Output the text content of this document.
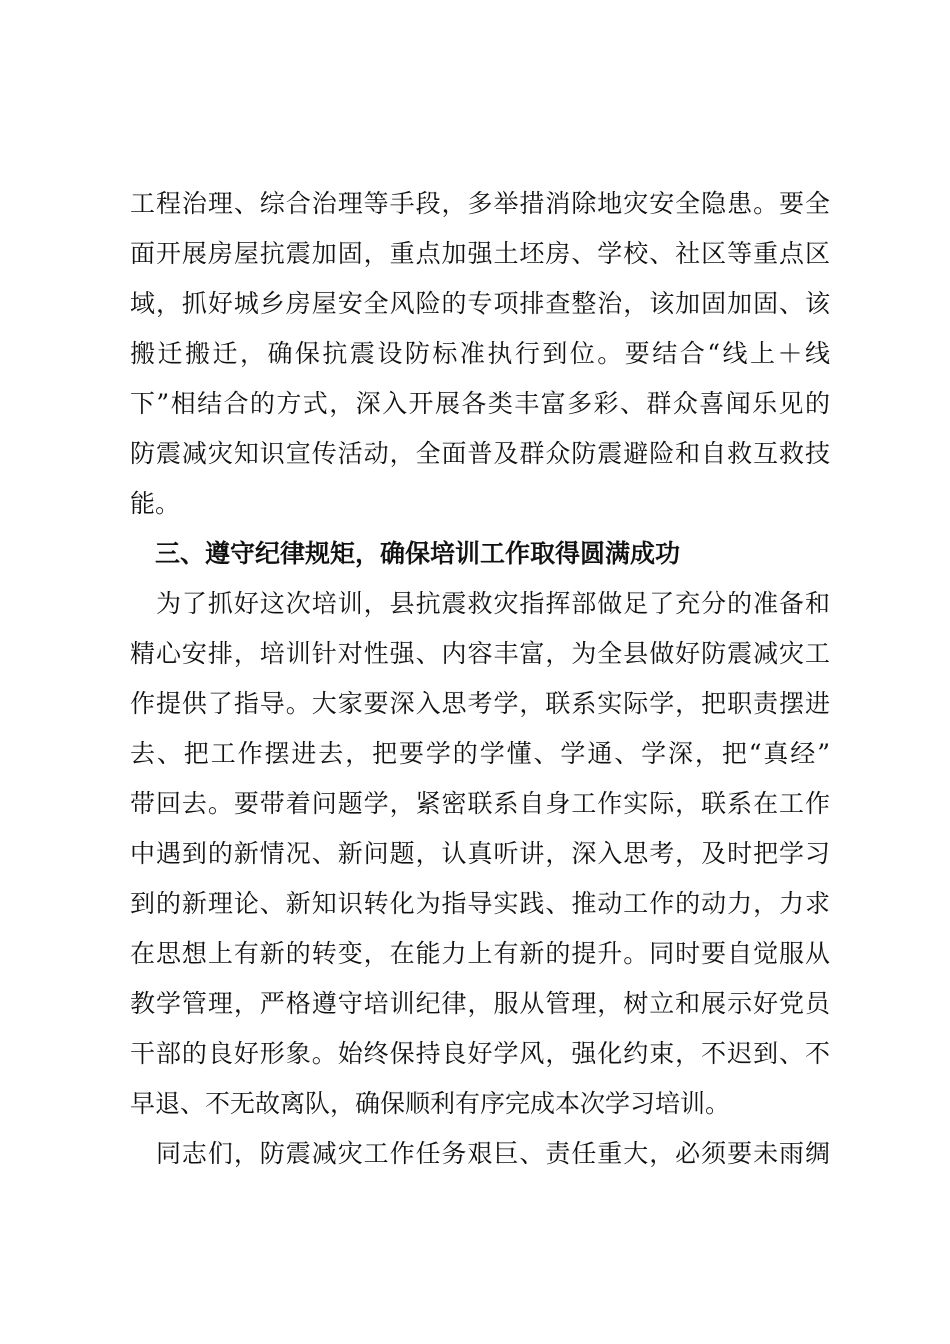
工程治理、综合治理等手段，多举措消除地灾安全隐患。要全
面开展房屋抗震加固，重点加强土坯房、学校、社区等重点区
域，抓好城乡房屋安全风险的专项排查整治，该加固加固、该
搬迁搬迁，确保抗震设防标准执行到位。要结合“线上＋线
下”相结合的方式，深入开展各类丰富多彩、群众喜闻乐见的
防震减灾知识宣传活动，全面普及群众防震避险和自救互救技
能。
　三、遵守纪律规矩，确保培训工作取得圆满成功
　为了抓好这次培训，县抗震救灾指挥部做足了充分的准备和
精心安排，培训针对性强、内容丰富，为全县做好防震减灾工
作提供了指导。大家要深入思考学，联系实际学，把职责摆进
去、把工作摆进去，把要学的学懂、学通、学深，把“真经”
带回去。要带着问题学，紧密联系自身工作实际，联系在工作
中遇到的新情况、新问题，认真听讲，深入思考，及时把学习
到的新理论、新知识转化为指导实践、推动工作的动力，力求
在思想上有新的转变，在能力上有新的提升。同时要自觉服从
教学管理，严格遵守培训纪律，服从管理，树立和展示好党员
干部的良好形象。始终保持良好学风，强化约束，不迟到、不
早退、不无故离队，确保顺利有序完成本次学习培训。
　同志们，防震减灾工作任务艰巨、责任重大，必须要未雨绸
